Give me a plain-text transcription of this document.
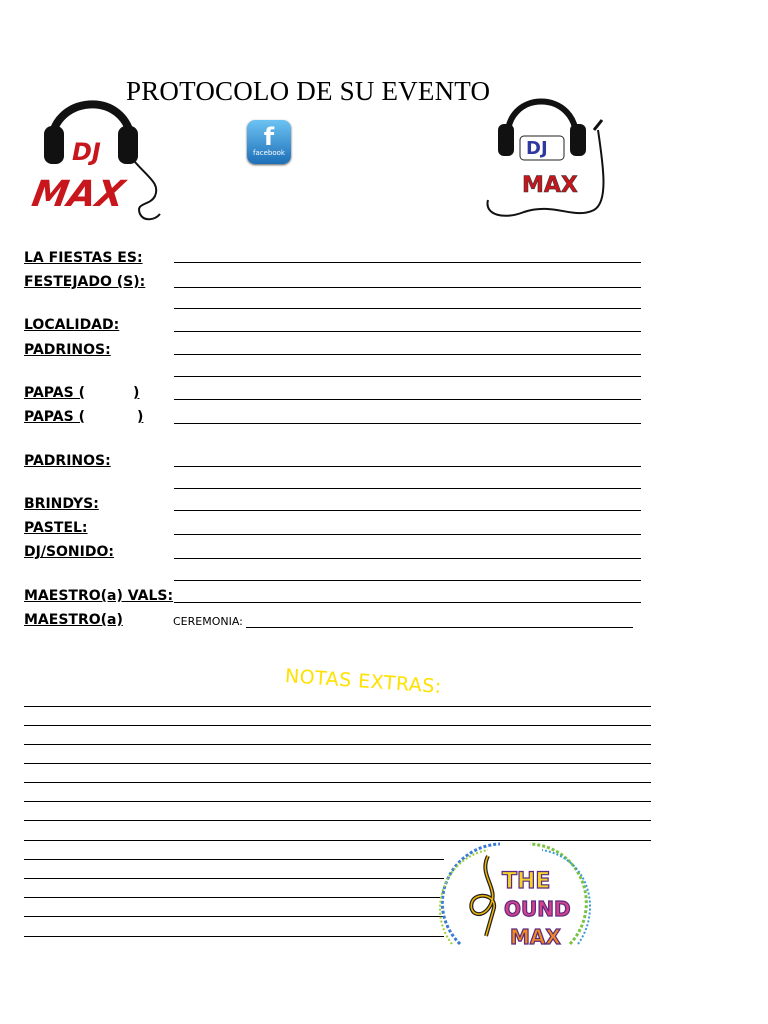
PROTOCOLO DE SU EVENTO
DJ
MAX
f
facebook	DJ
MAX
LA FIESTAS ES:
FESTEJADO (S):
LOCALIDAD:
PADRINOS:
PAPAS (	)
PAPAS (	)
PADRINOS:
BRINDYS:
PASTEL:
DJ/SONIDO:
MAESTRO(a) VALS:
MAESTRO(a)	CEREMONIA:
NOTAS EXTRAS:
THE
OUND
MAX
